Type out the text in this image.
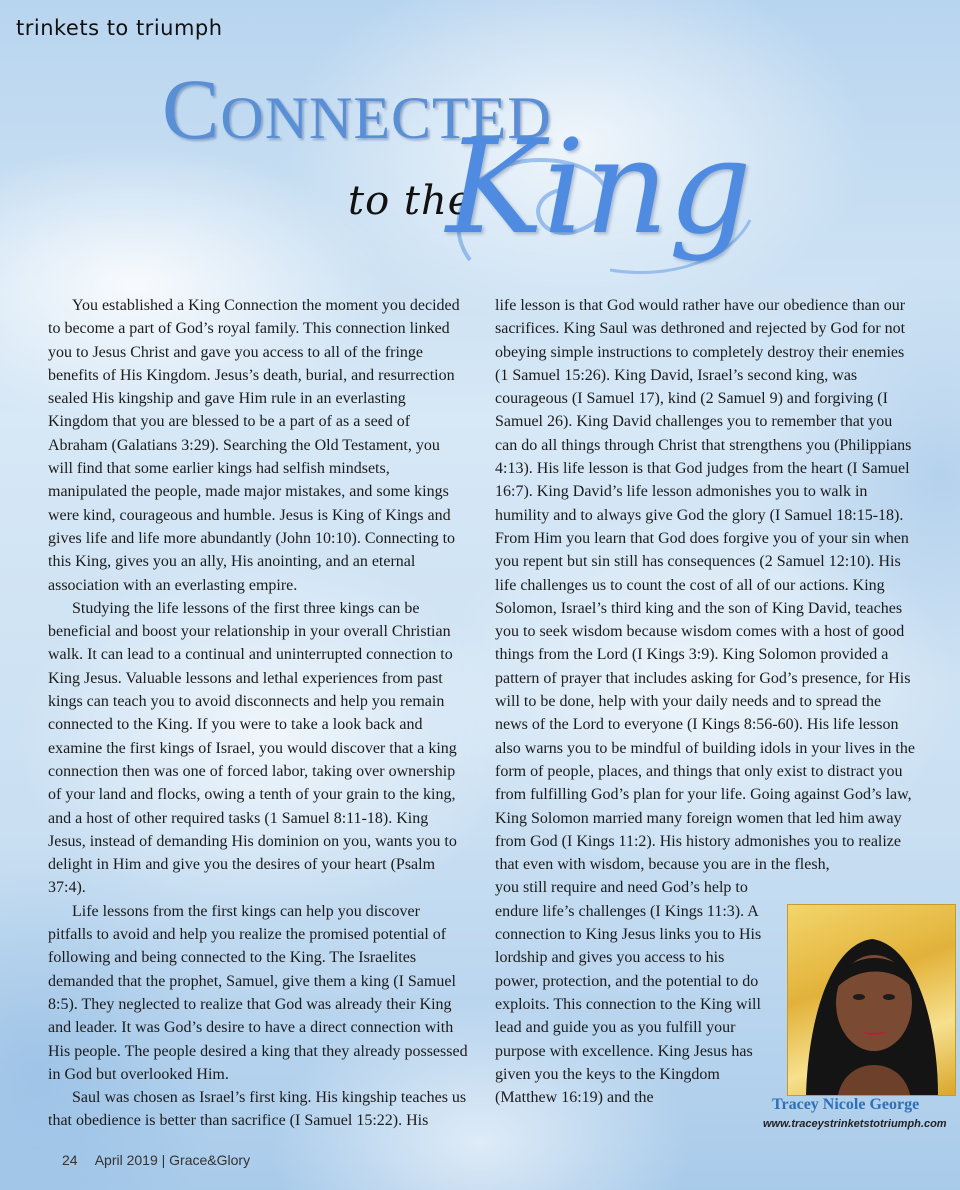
trinkets to triumph
Connected
to the
King

You established a King Connection the moment you decided to become a part of God’s royal family. This connection linked you to Jesus Christ and gave you access to all of the fringe benefits of His Kingdom. Jesus’s death, burial, and resurrection sealed His kingship and gave Him rule in an everlasting Kingdom that you are blessed to be a part of as a seed of Abraham (Galatians 3:29). Searching the Old Testament, you will find that some earlier kings had selfish mindsets, manipulated the people, made major mistakes, and some kings were kind, courageous and humble. Jesus is King of Kings and gives life and life more abundantly (John 10:10). Connecting to this King, gives you an ally, His anointing, and an eternal association with an everlasting empire.

Studying the life lessons of the first three kings can be beneficial and boost your relationship in your overall Christian walk. It can lead to a continual and uninterrupted connection to King Jesus. Valuable lessons and lethal experiences from past kings can teach you to avoid disconnects and help you remain connected to the King. If you were to take a look back and examine the first kings of Israel, you would discover that a king connection then was one of forced labor, taking over ownership of your land and flocks, owing a tenth of your grain to the king, and a host of other required tasks (1 Samuel 8:11-18). King Jesus, instead of demanding His dominion on you, wants you to delight in Him and give you the desires of your heart (Psalm 37:4).

Life lessons from the first kings can help you discover pitfalls to avoid and help you realize the promised potential of following and being connected to the King. The Israelites demanded that the prophet, Samuel, give them a king (I Samuel 8:5). They neglected to realize that God was already their King and leader. It was God’s desire to have a direct connection with His people. The people desired a king that they already possessed in God but overlooked Him.

Saul was chosen as Israel’s first king. His kingship teaches us that obedience is better than sacrifice (I Samuel 15:22). His

life lesson is that God would rather have our obedience than our sacrifices. King Saul was dethroned and rejected by God for not obeying simple instructions to completely destroy their enemies (1 Samuel 15:26). King David, Israel’s second king, was courageous (I Samuel 17), kind (2 Samuel 9) and forgiving (I Samuel 26). King David challenges you to remember that you can do all things through Christ that strengthens you (Philippians 4:13). His life lesson is that God judges from the heart (I Samuel 16:7). King David’s life lesson admonishes you to walk in humility and to always give God the glory (I Samuel 18:15-18). From Him you learn that God does forgive you of your sin when you repent but sin still has consequences (2 Samuel 12:10). His life challenges us to count the cost of all of our actions. King Solomon, Israel’s third king and the son of King David, teaches you to seek wisdom because wisdom comes with a host of good things from the Lord (I Kings 3:9). King Solomon provided a pattern of prayer that includes asking for God’s presence, for His will to be done, help with your daily needs and to spread the news of the Lord to everyone (I Kings 8:56-60). His life lesson also warns you to be mindful of building idols in your lives in the form of people, places, and things that only exist to distract you from fulfilling God’s plan for your life. Going against God’s law, King Solomon married many foreign women that led him away from God (I Kings 11:2). His history admonishes you to realize that even with wisdom, because you are in the flesh,

you still require and need God’s help to endure life’s challenges (I Kings 11:3). A connection to King Jesus links you to His lordship and gives you access to his power, protection, and the potential to do exploits. This connection to the King will lead and guide you as you fulfill your purpose with excellence. King Jesus has given you the keys to the Kingdom (Matthew 16:19) and the	Tracey Nicole George
www.traceystrinketstotriumph.com
24 April 2019 | Grace&Glory
